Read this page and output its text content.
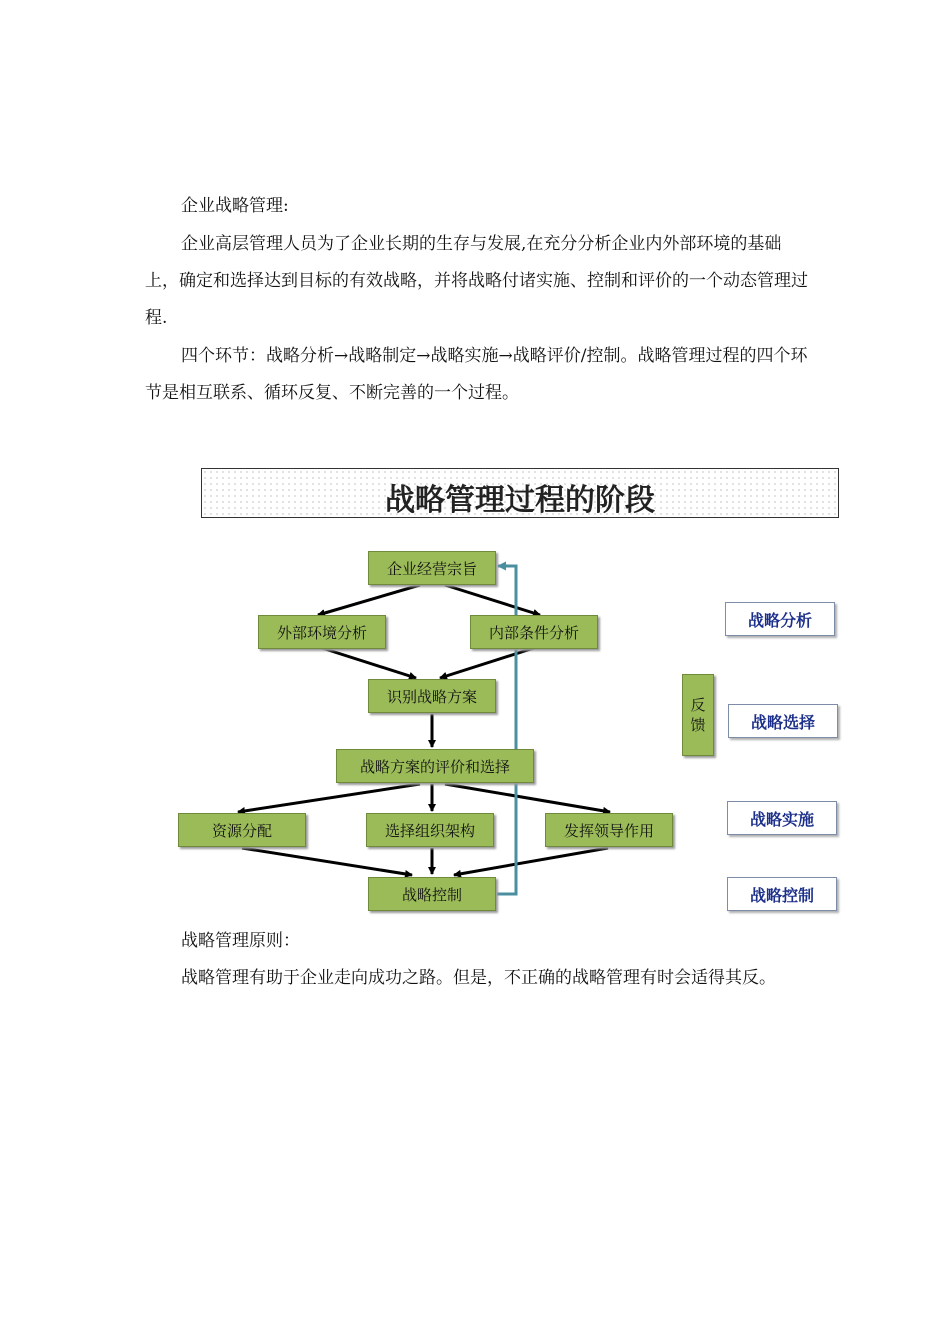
企业战略管理:

企业高层管理人员为了企业长期的生存与发展,在充分分析企业内外部环境的基础上，确定和选择达到目标的有效战略，并将战略付诸实施、控制和评价的一个动态管理过程.

四个环节：战略分析→战略制定→战略实施→战略评价/控制。战略管理过程的四个环节是相互联系、循环反复、不断完善的一个过程。

战略管理过程的阶段
企业经营宗旨
外部环境分析	内部条件分析
识别战略方案
战略方案的评价和选择
资源分配	选择组织架构	发挥领导作用
战略控制
反馈
战略分析
战略选择
战略实施
战略控制

战略管理原则：

战略管理有助于企业走向成功之路。但是，不正确的战略管理有时会适得其反。
